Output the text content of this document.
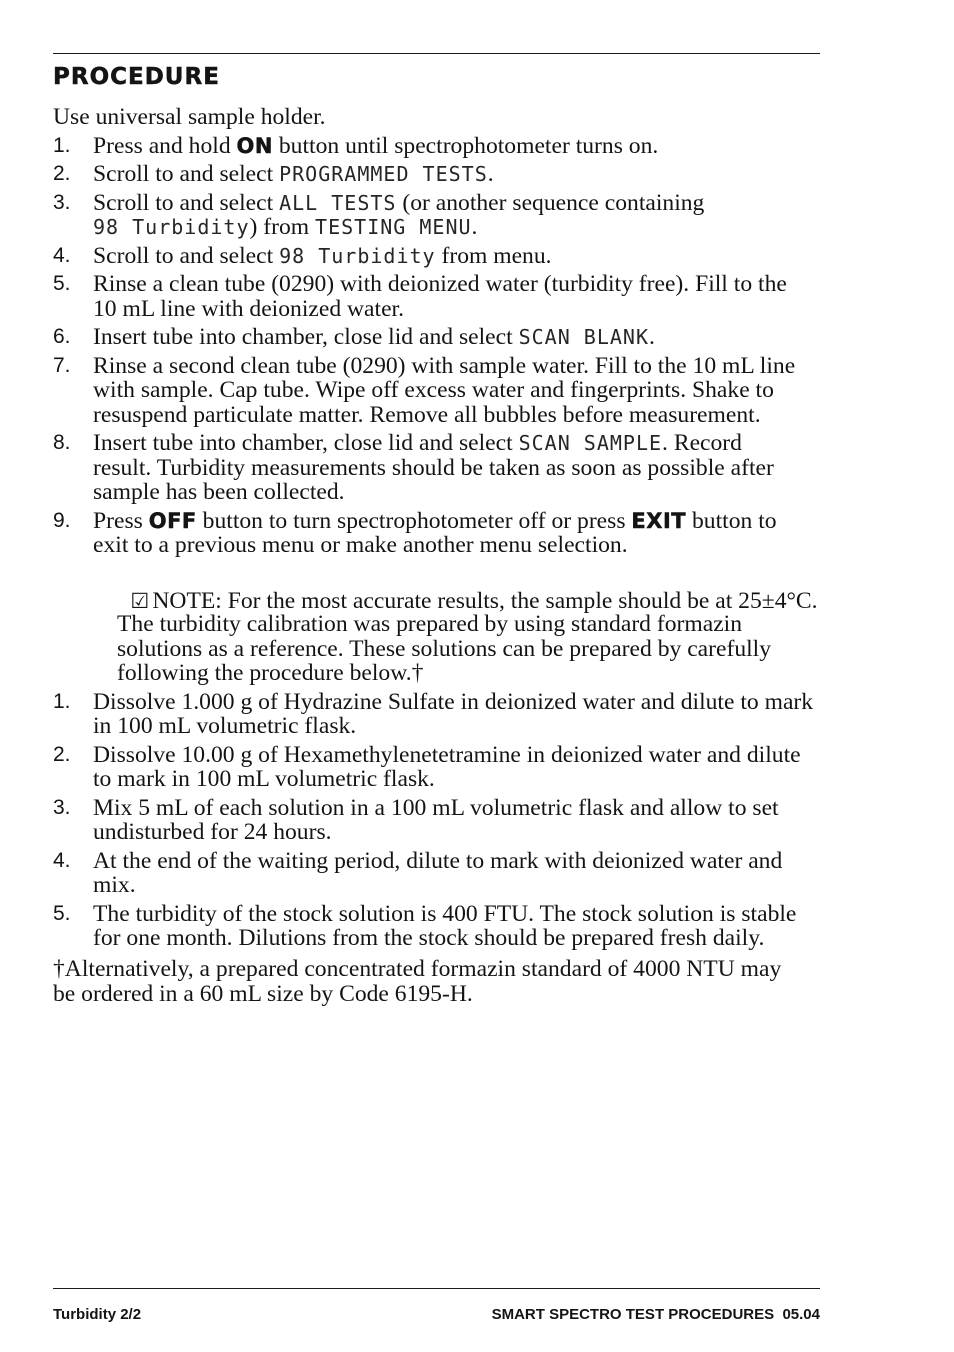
PROCEDURE
Use universal sample holder.
1. Press and hold ON button until spectrophotometer turns on.
2. Scroll to and select PROGRAMMED TESTS.
3. Scroll to and select ALL TESTS (or another sequence containing
98 Turbidity) from TESTING MENU.
4. Scroll to and select 98 Turbidity from menu.
5. Rinse a clean tube (0290) with deionized water (turbidity free). Fill to the
10 mL line with deionized water.
6. Insert tube into chamber, close lid and select SCAN BLANK.
7. Rinse a second clean tube (0290) with sample water. Fill to the 10 mL line
with sample. Cap tube. Wipe off excess water and fingerprints. Shake to
resuspend particulate matter. Remove all bubbles before measurement.
8. Insert tube into chamber, close lid and select SCAN SAMPLE. Record
result. Turbidity measurements should be taken as soon as possible after
sample has been collected.
9. Press OFF button to turn spectrophotometer off or press EXIT button to
exit to a previous menu or make another menu selection.

☑ NOTE: For the most accurate results, the sample should be at 25±4°C.

The turbidity calibration was prepared by using standard formazin
solutions as a reference. These solutions can be prepared by carefully
following the procedure below.†
1. Dissolve 1.000 g of Hydrazine Sulfate in deionized water and dilute to mark
in 100 mL volumetric flask.
2. Dissolve 10.00 g of Hexamethylenetetramine in deionized water and dilute
to mark in 100 mL volumetric flask.
3. Mix 5 mL of each solution in a 100 mL volumetric flask and allow to set
undisturbed for 24 hours.
4. At the end of the waiting period, dilute to mark with deionized water and
mix.
5. The turbidity of the stock solution is 400 FTU. The stock solution is stable
for one month. Dilutions from the stock should be prepared fresh daily.
†Alternatively, a prepared concentrated formazin standard of 4000 NTU may
be ordered in a 60 mL size by Code 6195-H.
Turbidity 2/2	SMART SPECTRO TEST PROCEDURES  05.04
